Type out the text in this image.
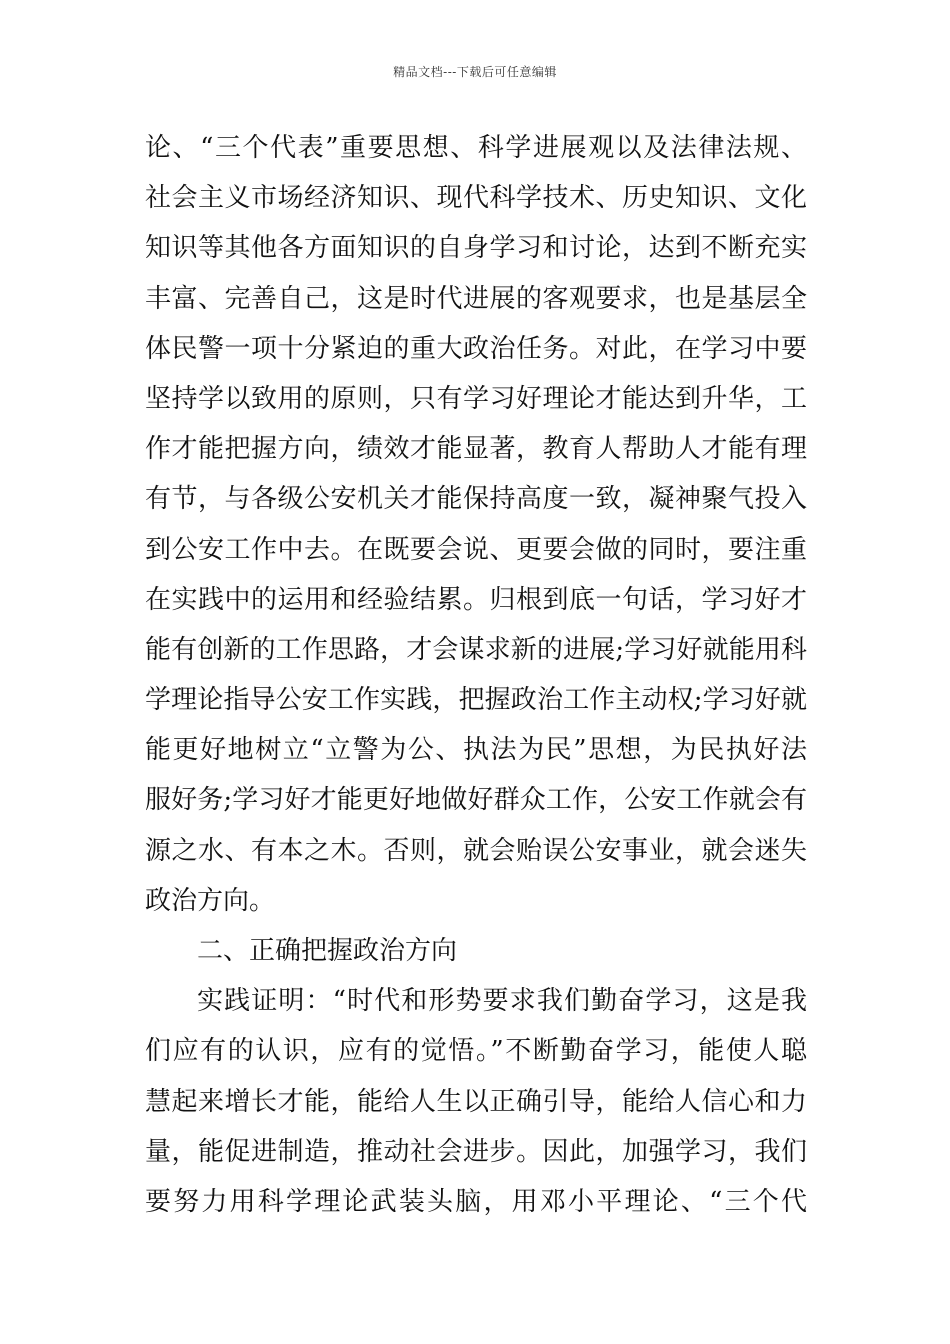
精品文档---下载后可任意编辑
论、“三个代表”重要思想、科学进展观以及法律法规、
社会主义市场经济知识、现代科学技术、历史知识、文化
知识等其他各方面知识的自身学习和讨论，达到不断充实
丰富、完善自己，这是时代进展的客观要求，也是基层全
体民警一项十分紧迫的重大政治任务。对此，在学习中要
坚持学以致用的原则，只有学习好理论才能达到升华，工
作才能把握方向，绩效才能显著，教育人帮助人才能有理
有节，与各级公安机关才能保持高度一致，凝神聚气投入
到公安工作中去。在既要会说、更要会做的同时，要注重
在实践中的运用和经验结累。归根到底一句话，学习好才
能有创新的工作思路，才会谋求新的进展;学习好就能用科
学理论指导公安工作实践，把握政治工作主动权;学习好就
能更好地树立“立警为公、执法为民”思想，为民执好法
服好务;学习好才能更好地做好群众工作，公安工作就会有
源之水、有本之木。否则，就会贻误公安事业，就会迷失
政治方向。
二、正确把握政治方向
实践证明：“时代和形势要求我们勤奋学习，这是我
们应有的认识，应有的觉悟。”不断勤奋学习，能使人聪
慧起来增长才能，能给人生以正确引导，能给人信心和力
量，能促进制造，推动社会进步。因此，加强学习，我们
要努力用科学理论武装头脑，用邓小平理论、“三个代
